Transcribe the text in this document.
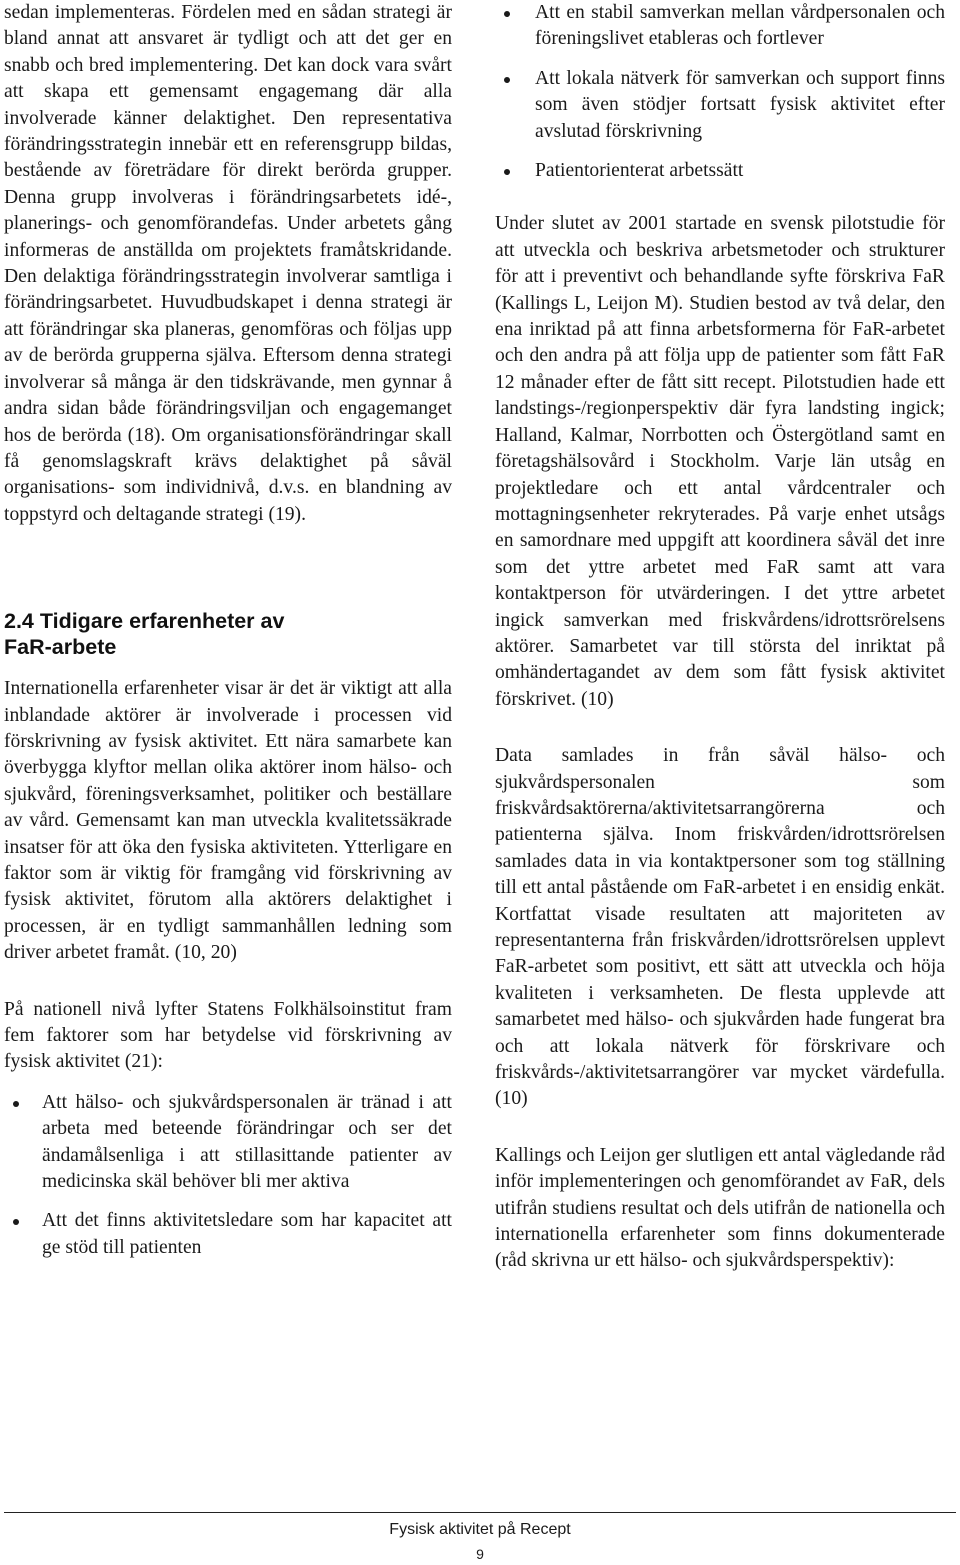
sedan implementeras. Fördelen med en sådan strategi är bland annat att ansvaret är tydligt och att det ger en snabb och bred implementering. Det kan dock vara svårt att skapa ett gemensamt engagemang där alla involverade känner delaktighet. Den representativa förändringsstrategin innebär ett en referensgrupp bildas, bestående av företrädare för direkt berörda grupper. Denna grupp involveras i förändringsarbetets idé-, planerings- och genomförandefas. Under arbetets gång informeras de anställda om projektets framåtskridande. Den delaktiga förändringsstrategin involverar samtliga i förändringsarbetet. Huvudbudskapet i denna strategi är att förändringar ska planeras, genomföras och följas upp av de berörda grupperna själva. Eftersom denna strategi involverar så många är den tidskrävande, men gynnar å andra sidan både förändringsviljan och engagemanget hos de berörda (18). Om organisationsförändringar skall få genomslagskraft krävs delaktighet på såväl organisations- som individnivå, d.v.s. en blandning av toppstyrd och deltagande strategi (19).

2.4 Tidigare erfarenheter av
FaR-arbete

Internationella erfarenheter visar är det är viktigt att alla inblandade aktörer är involverade i processen vid förskrivning av fysisk aktivitet. Ett nära samarbete kan överbygga klyftor mellan olika aktörer inom hälso- och sjukvård, föreningsverksamhet, politiker och beställare av vård. Gemensamt kan man utveckla kvalitetssäkrade insatser för att öka den fysiska aktiviteten. Ytterligare en faktor som är viktig för framgång vid förskrivning av fysisk aktivitet, förutom alla aktörers delaktighet i processen, är en tydligt sammanhållen ledning som driver arbetet framåt. (10, 20)

På nationell nivå lyfter Statens Folkhälsoinstitut fram fem faktorer som har betydelse vid förskrivning av fysisk aktivitet (21):

Att hälso- och sjukvårdspersonalen är tränad i att arbeta med beteende förändringar och ser det ändamålsenliga i att stillasittande patienter av medicinska skäl behöver bli mer aktiva
Att det finns aktivitetsledare som har kapacitet att ge stöd till patienten
Att en stabil samverkan mellan vårdpersonalen och föreningslivet etableras och fortlever
Att lokala nätverk för samverkan och support finns som även stödjer fortsatt fysisk aktivitet efter avslutad förskrivning
Patientorienterat arbetssätt

Under slutet av 2001 startade en svensk pilotstudie för att utveckla och beskriva arbetsmetoder och strukturer för att i preventivt och behandlande syfte förskriva FaR (Kallings L, Leijon M). Studien bestod av två delar, den ena inriktad på att finna arbetsformerna för FaR-arbetet och den andra på att följa upp de patienter som fått FaR 12 månader efter de fått sitt recept. Pilotstudien hade ett landstings-/regionperspektiv där fyra landsting ingick; Halland, Kalmar, Norrbotten och Östergötland samt en företagshälsovård i Stockholm. Varje län utsåg en projektledare och ett antal vårdcentraler och mottagningsenheter rekryterades. På varje enhet utsågs en samordnare med uppgift att koordinera såväl det inre som det yttre arbetet med FaR samt att vara kontaktperson för utvärderingen. I det yttre arbetet ingick samverkan med friskvårdens/idrottsrörelsens aktörer. Samarbetet var till största del inriktat på omhändertagandet av dem som fått fysisk aktivitet förskrivet. (10)

Data samlades in från såväl hälso- och sjukvårdspersonalen som friskvårdsaktörerna/aktivitetsarrangörerna och patienterna själva. Inom friskvården/idrottsrörelsen samlades data in via kontaktpersoner som tog ställning till ett antal påstående om FaR-arbetet i en ensidig enkät. Kortfattat visade resultaten att majoriteten av representanterna från friskvården/idrottsrörelsen upplevt FaR-arbetet som positivt, ett sätt att utveckla och höja kvaliteten i verksamheten. De flesta upplevde att samarbetet med hälso- och sjukvården hade fungerat bra och att lokala nätverk för förskrivare och friskvårds-/aktivitetsarrangörer var mycket värdefulla. (10)

Kallings och Leijon ger slutligen ett antal vägledande råd inför implementeringen och genomförandet av FaR, dels utifrån studiens resultat och dels utifrån de nationella och internationella erfarenheter som finns dokumenterade (råd skrivna ur ett hälso- och sjukvårdsperspektiv):

Fysisk aktivitet på Recept
9
